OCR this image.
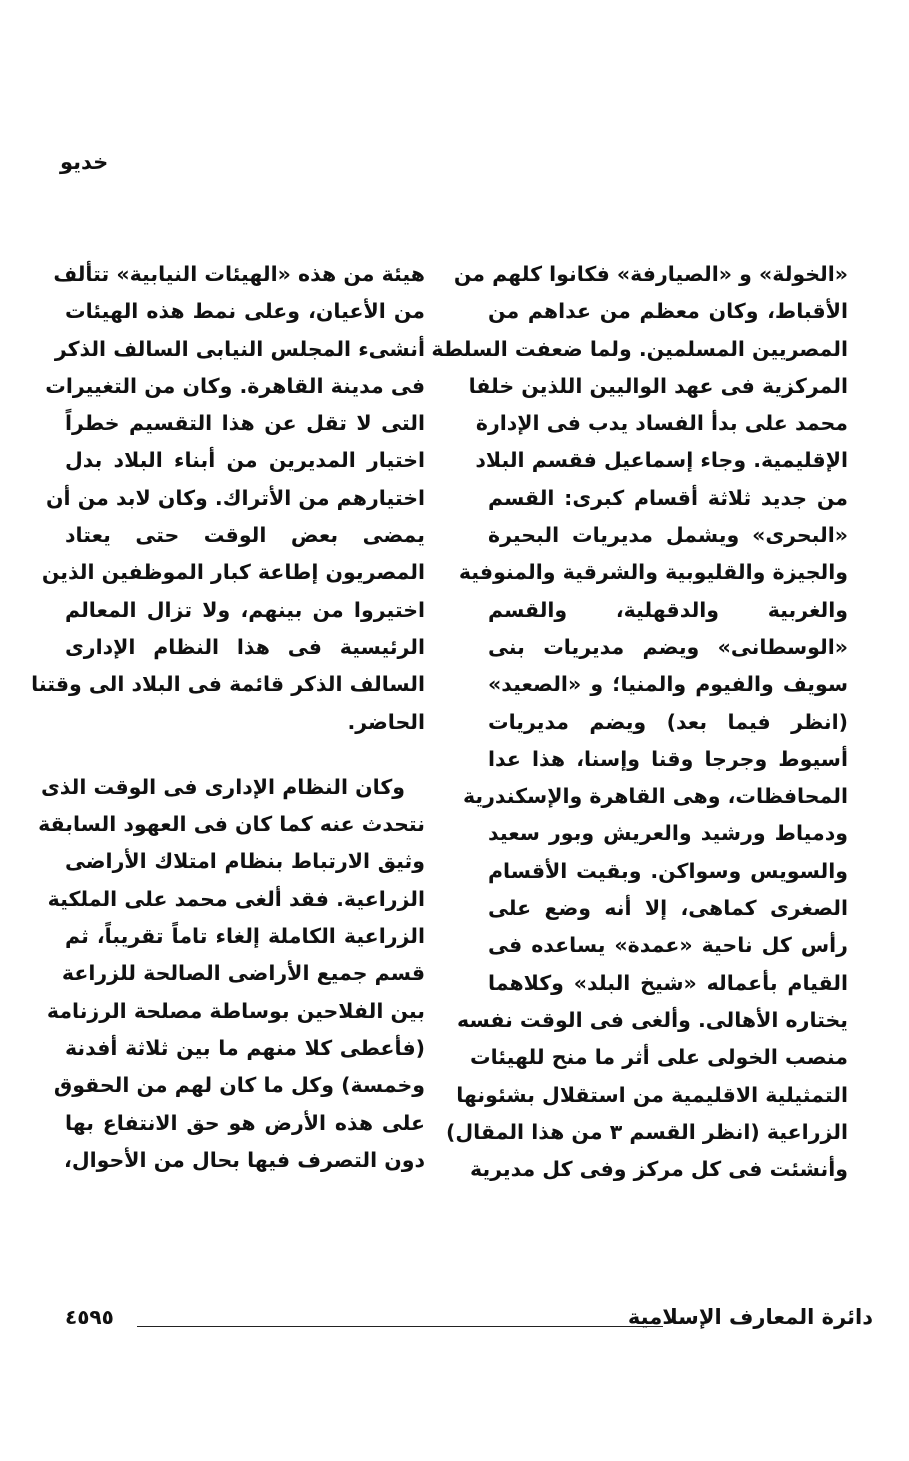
خديو
«الخولة» و «الصيارفة» فكانوا كلهم من
الأقباط، وكان معظم من عداهم من
المصريين المسلمين. ولما ضعفت السلطة
المركزية فى عهد الواليين اللذين خلفا
محمد على بدأ الفساد يدب فى الإدارة
الإقليمية. وجاء إسماعيل فقسم البلاد
من جديد ثلاثة أقسام كبرى: القسم
«البحرى» ويشمل مديريات البحيرة
والجيزة والقليوبية والشرقية والمنوفية
والغربية والدقهلية، والقسم
«الوسطانى» ويضم مديريات بنى
سويف والفيوم والمنيا؛ و «الصعيد»
(انظر فيما بعد) ويضم مديريات
أسيوط وجرجا وقنا وإسنا، هذا عدا
المحافظات، وهى القاهرة والإسكندرية
ودمياط ورشيد والعريش وبور سعيد
والسويس وسواكن. وبقيت الأقسام
الصغرى كماهى، إلا أنه وضع على
رأس كل ناحية «عمدة» يساعده فى
القيام بأعماله «شيخ البلد» وكلاهما
يختاره الأهالى. وألغى فى الوقت نفسه
منصب الخولى على أثر ما منح للهيئات
التمثيلية الاقليمية من استقلال بشئونها
الزراعية (انظر القسم ٣ من هذا المقال)
وأنشئت فى كل مركز وفى كل مديرية
هيئة من هذه «الهيئات النيابية» تتألف
من الأعيان، وعلى نمط هذه الهيئات
أنشىء المجلس النيابى السالف الذكر
فى مدينة القاهرة. وكان من التغييرات
التى لا تقل عن هذا التقسيم خطراً
اختيار المديرين من أبناء البلاد بدل
اختيارهم من الأتراك. وكان لابد من أن
يمضى بعض الوقت حتى يعتاد
المصريون إطاعة كبار الموظفين الذين
اختيروا من بينهم، ولا تزال المعالم
الرئيسية فى هذا النظام الإدارى
السالف الذكر قائمة فى البلاد الى وقتنا
الحاضر.
وكان النظام الإدارى فى الوقت الذى
نتحدث عنه كما كان فى العهود السابقة
وثيق الارتباط بنظام امتلاك الأراضى
الزراعية. فقد ألغى محمد على الملكية
الزراعية الكاملة إلغاء تاماً تقريباً، ثم
قسم جميع الأراضى الصالحة للزراعة
بين الفلاحين بوساطة مصلحة الرزنامة
(فأعطى كلا منهم ما بين ثلاثة أفدنة
وخمسة) وكل ما كان لهم من الحقوق
على هذه الأرض هو حق الانتفاع بها
دون التصرف فيها بحال من الأحوال،
دائرة المعارف الإسلامية
٤٥٩٥
